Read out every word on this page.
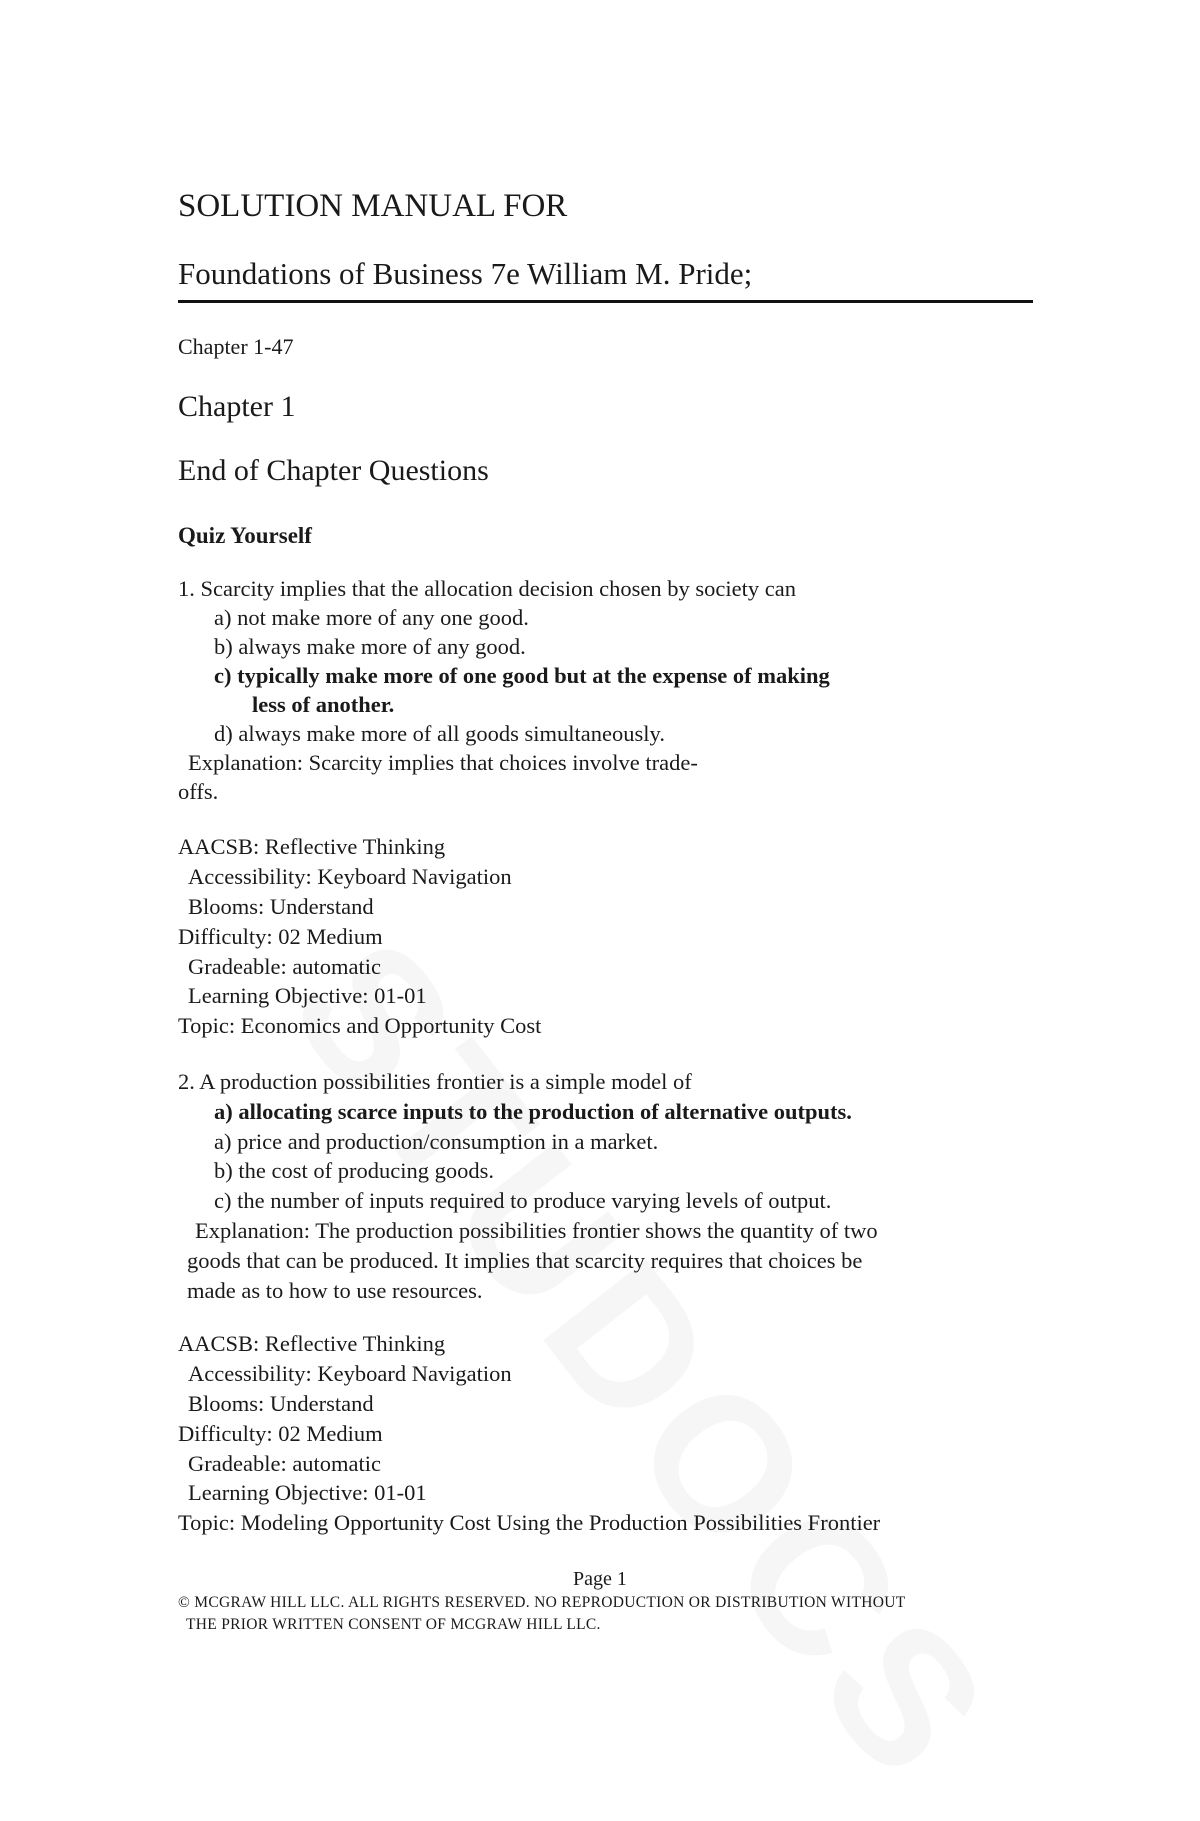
SOLUTION MANUAL FOR
Foundations of Business 7e William M. Pride;
Chapter 1-47
Chapter 1
End of Chapter Questions
Quiz Yourself
1. Scarcity implies that the allocation decision chosen by society can
a) not make more of any one good.
b) always make more of any good.
c) typically make more of one good but at the expense of making
less of another.
d) always make more of all goods simultaneously.
Explanation: Scarcity implies that choices involve trade-
offs.
AACSB: Reflective Thinking
Accessibility: Keyboard Navigation
Blooms: Understand
Difficulty: 02 Medium
Gradeable: automatic
Learning Objective: 01-01
Topic: Economics and Opportunity Cost
2. A production possibilities frontier is a simple model of
a) allocating scarce inputs to the production of alternative outputs.
a) price and production/consumption in a market.
b) the cost of producing goods.
c) the number of inputs required to produce varying levels of output.
Explanation: The production possibilities frontier shows the quantity of two
goods that can be produced. It implies that scarcity requires that choices be
made as to how to use resources.
AACSB: Reflective Thinking
Accessibility: Keyboard Navigation
Blooms: Understand
Difficulty: 02 Medium
Gradeable: automatic
Learning Objective: 01-01
Topic: Modeling Opportunity Cost Using the Production Possibilities Frontier
Page 1
© MCGRAW HILL LLC. ALL RIGHTS RESERVED. NO REPRODUCTION OR DISTRIBUTION WITHOUT
THE PRIOR WRITTEN CONSENT OF MCGRAW HILL LLC.
